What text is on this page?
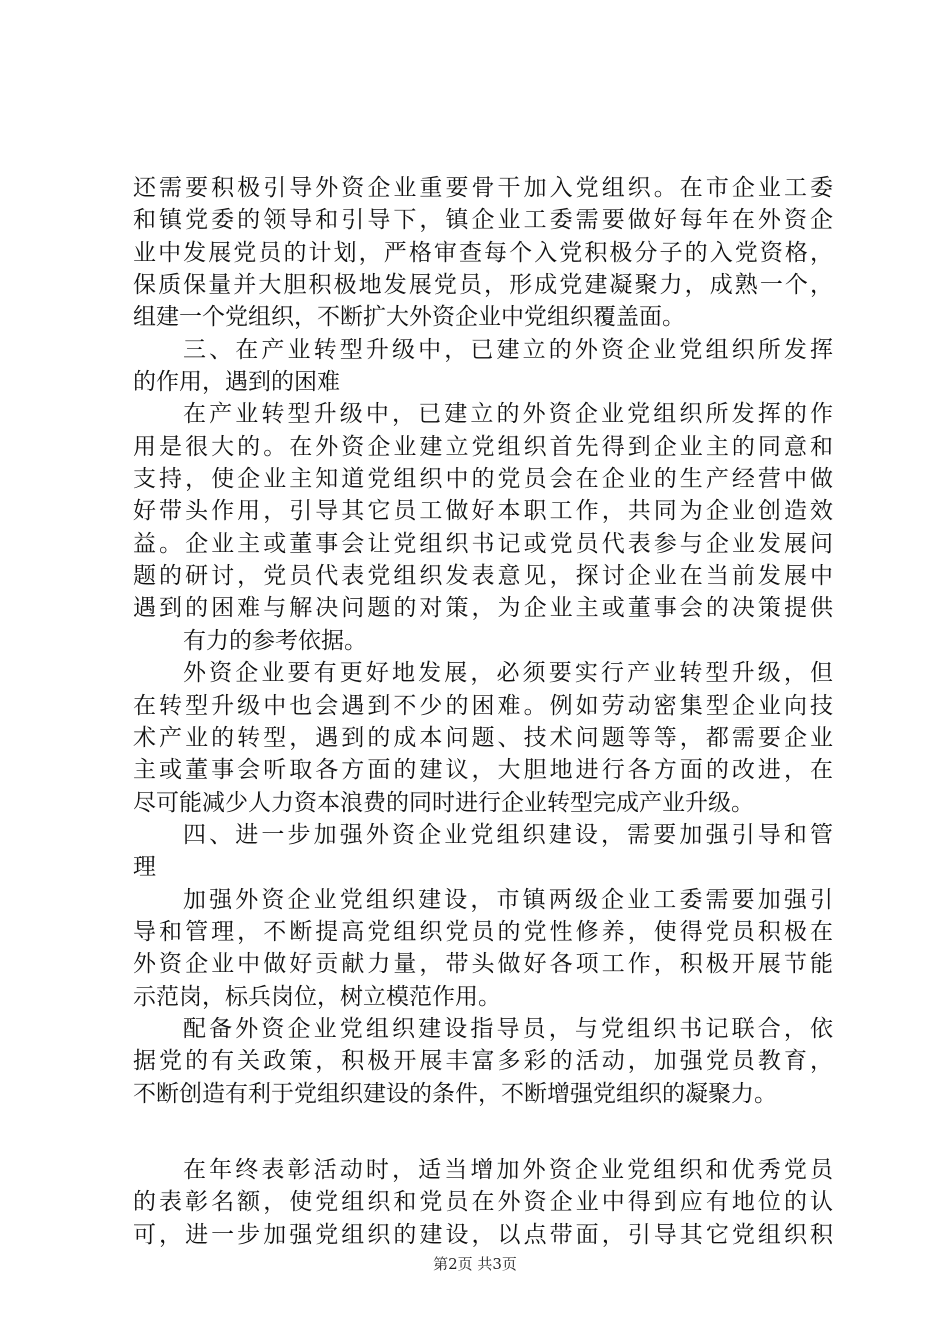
还需要积极引导外资企业重要骨干加入党组织。在市企业工委
和镇党委的领导和引导下，镇企业工委需要做好每年在外资企
业中发展党员的计划，严格审查每个入党积极分子的入党资格，
保质保量并大胆积极地发展党员，形成党建凝聚力，成熟一个，
组建一个党组织，不断扩大外资企业中党组织覆盖面。
三、在产业转型升级中，已建立的外资企业党组织所发挥
的作用，遇到的困难
在产业转型升级中，已建立的外资企业党组织所发挥的作
用是很大的。在外资企业建立党组织首先得到企业主的同意和
支持，使企业主知道党组织中的党员会在企业的生产经营中做
好带头作用，引导其它员工做好本职工作，共同为企业创造效
益。企业主或董事会让党组织书记或党员代表参与企业发展问
题的研讨，党员代表党组织发表意见，探讨企业在当前发展中
遇到的困难与解决问题的对策，为企业主或董事会的决策提供
有力的参考依据。
外资企业要有更好地发展，必须要实行产业转型升级，但
在转型升级中也会遇到不少的困难。例如劳动密集型企业向技
术产业的转型，遇到的成本问题、技术问题等等，都需要企业
主或董事会听取各方面的建议，大胆地进行各方面的改进，在
尽可能减少人力资本浪费的同时进行企业转型完成产业升级。
四、进一步加强外资企业党组织建设，需要加强引导和管
理
加强外资企业党组织建设，市镇两级企业工委需要加强引
导和管理，不断提高党组织党员的党性修养，使得党员积极在
外资企业中做好贡献力量，带头做好各项工作，积极开展节能
示范岗，标兵岗位，树立模范作用。
配备外资企业党组织建设指导员，与党组织书记联合，依
据党的有关政策，积极开展丰富多彩的活动，加强党员教育，
不断创造有利于党组织建设的条件，不断增强党组织的凝聚力。
在年终表彰活动时，适当增加外资企业党组织和优秀党员
的表彰名额，使党组织和党员在外资企业中得到应有地位的认
可，进一步加强党组织的建设，以点带面，引导其它党组织积
第2页 共3页
